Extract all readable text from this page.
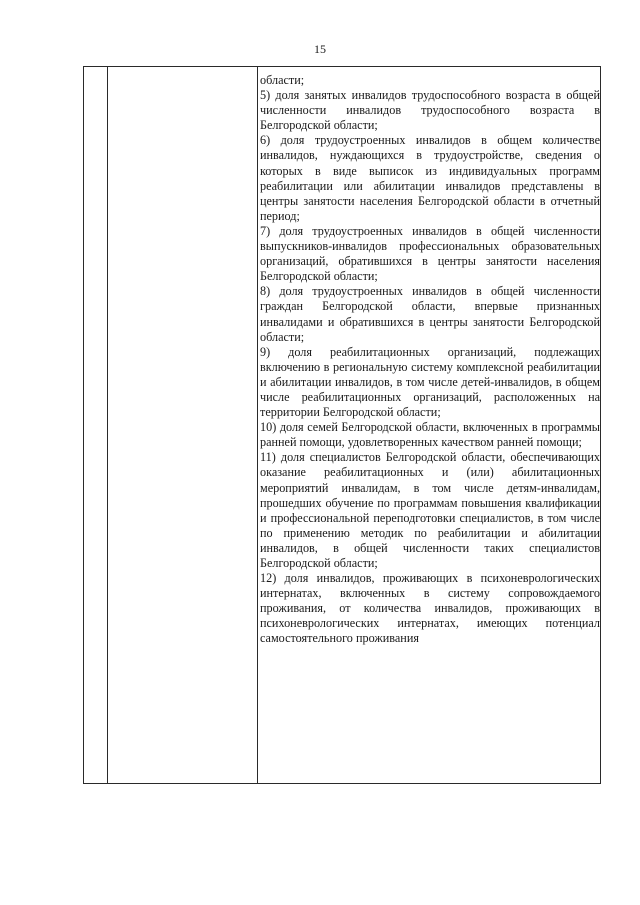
15

области;

5) доля занятых инвалидов трудоспособного возраста в общей численности инвалидов трудоспособного возраста в Белгородской области;

6) доля трудоустроенных инвалидов в общем количестве инвалидов, нуждающихся в трудоустройстве, сведения о которых в виде выписок из индивидуальных программ реабилитации или абилитации инвалидов представлены в центры занятости населения Белгородской области в отчетный период;

7) доля трудоустроенных инвалидов в общей численности выпускников-инвалидов профессиональных образовательных организаций, обратившихся в центры занятости населения Белгородской области;

8) доля трудоустроенных инвалидов в общей численности граждан Белгородской области, впервые признанных инвалидами и обратившихся в центры занятости Белгородской области;

9) доля реабилитационных организаций, подлежащих включению в региональную систему комплексной реабилитации и абилитации инвалидов, в том числе детей-инвалидов, в общем числе реабилитационных организаций, расположенных на территории Белгородской области;

10) доля семей Белгородской области, включенных в программы ранней помощи, удовлетворенных качеством ранней помощи;

11) доля специалистов Белгородской области, обеспечивающих оказание реабилитационных и (или) абилитационных мероприятий инвалидам, в том числе детям-инвалидам, прошедших обучение по программам повышения квалификации и профессиональной переподготовки специалистов, в том числе по применению методик по реабилитации и абилитации инвалидов, в общей численности таких специалистов Белгородской области;

12) доля инвалидов, проживающих в психоневрологических интернатах, включенных в систему сопровождаемого проживания, от количества инвалидов, проживающих в психоневрологических интернатах, имеющих потенциал самостоятельного проживания
